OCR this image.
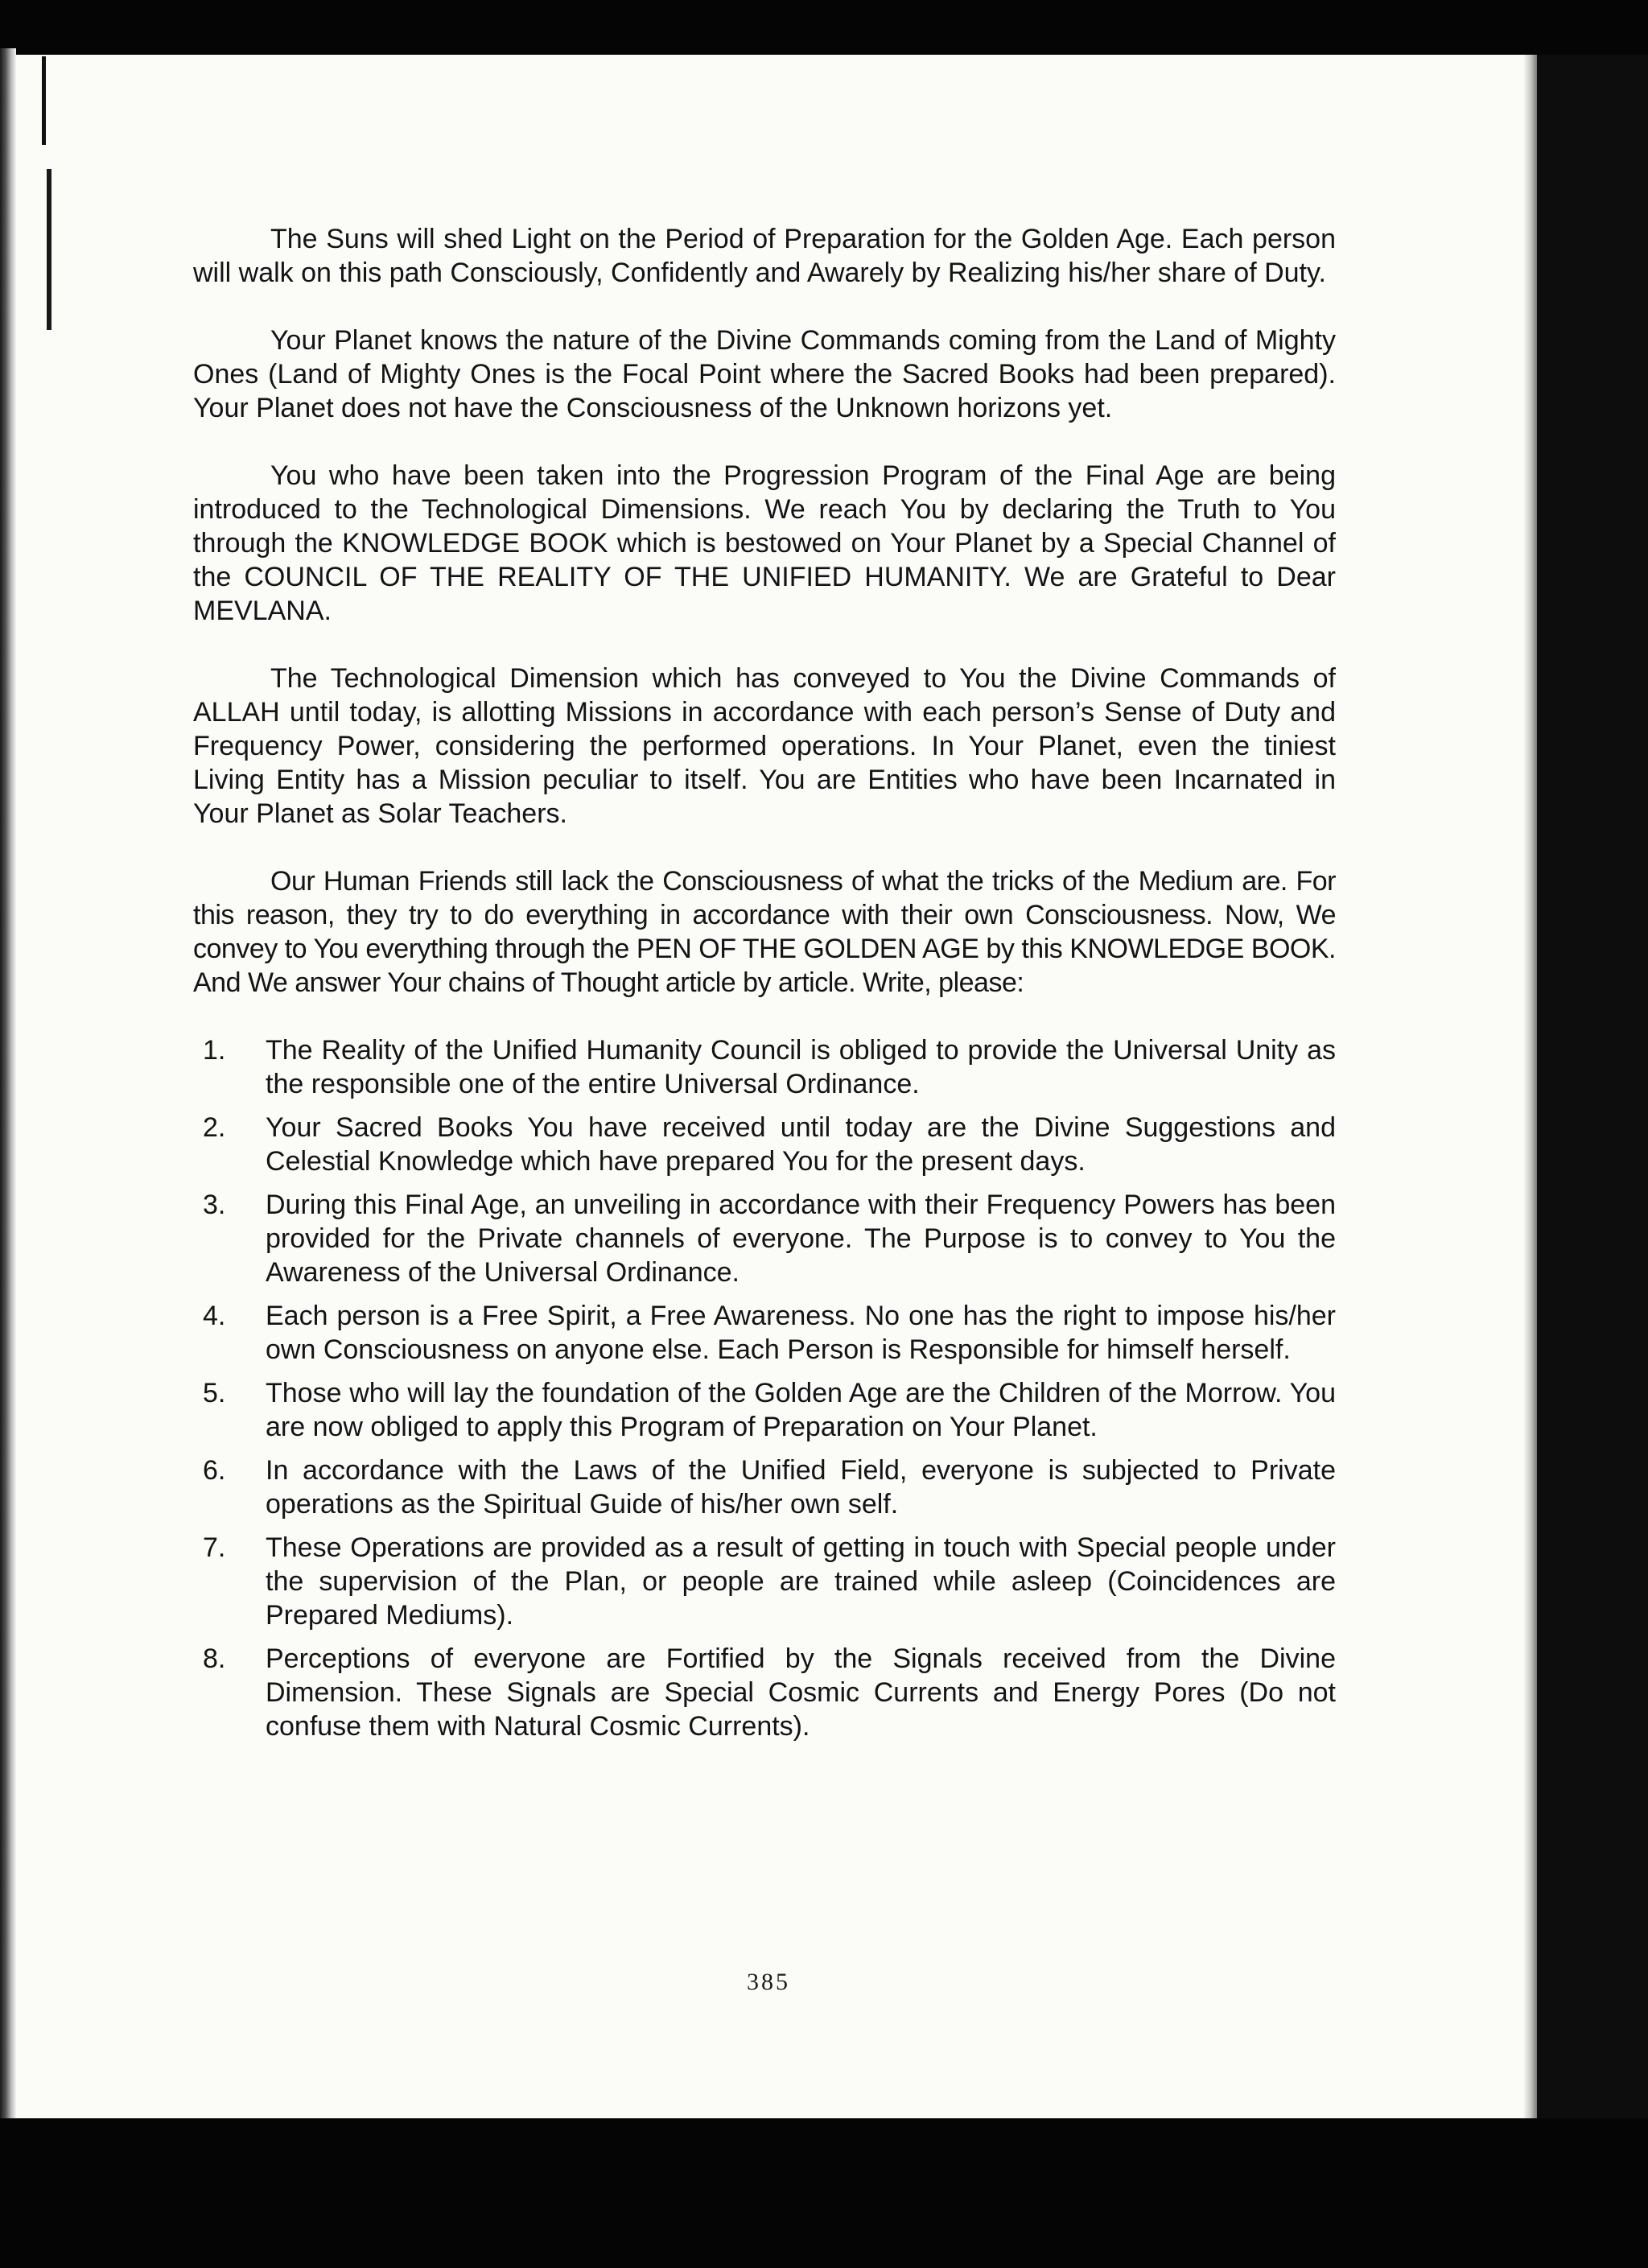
The Suns will shed Light on the Period of Preparation for the Golden Age. Each person will walk on this path Consciously, Confidently and Awarely by Realizing his/her share of Duty.

Your Planet knows the nature of the Divine Commands coming from the Land of Mighty Ones (Land of Mighty Ones is the Focal Point where the Sacred Books had been prepared). Your Planet does not have the Consciousness of the Unknown horizons yet.

You who have been taken into the Progression Program of the Final Age are being introduced to the Technological Dimensions. We reach You by declaring the Truth to You through the KNOWLEDGE BOOK which is bestowed on Your Planet by a Special Channel of the COUNCIL OF THE REALITY OF THE UNIFIED HUMANITY. We are Grateful to Dear MEVLANA.

The Technological Dimension which has conveyed to You the Divine Commands of ALLAH until today, is allotting Missions in accordance with each person’s Sense of Duty and Frequency Power, considering the performed operations. In Your Planet, even the tiniest Living Entity has a Mission peculiar to itself. You are Entities who have been Incarnated in Your Planet as Solar Teachers.

Our Human Friends still lack the Consciousness of what the tricks of the Medium are. For this reason, they try to do everything in accordance with their own Consciousness. Now, We convey to You everything through the PEN OF THE GOLDEN AGE by this KNOWLEDGE BOOK. And We answer Your chains of Thought article by article. Write, please:

1.	The Reality of the Unified Humanity Council is obliged to provide the Universal Unity as the responsible one of the entire Universal Ordinance.
2.	Your Sacred Books You have received until today are the Divine Suggestions and Celestial Knowledge which have prepared You for the present days.
3.	During this Final Age, an unveiling in accordance with their Frequency Powers has been provided for the Private channels of everyone. The Purpose is to convey to You the Awareness of the Universal Ordinance.
4.	Each person is a Free Spirit, a Free Awareness. No one has the right to impose his/her own Consciousness on anyone else. Each Person is Responsible for himself herself.
5.	Those who will lay the foundation of the Golden Age are the Children of the Morrow. You are now obliged to apply this Program of Preparation on Your Planet.
6.	In accordance with the Laws of the Unified Field, everyone is subjected to Private operations as the Spiritual Guide of his/her own self.
7.	These Operations are provided as a result of getting in touch with Special people under the supervision of the Plan, or people are trained while asleep (Coincidences are Prepared Mediums).
8.	Perceptions of everyone are Fortified by the Signals received from the Divine Dimension. These Signals are Special Cosmic Currents and Energy Pores (Do not confuse them with Natural Cosmic Currents).
385
